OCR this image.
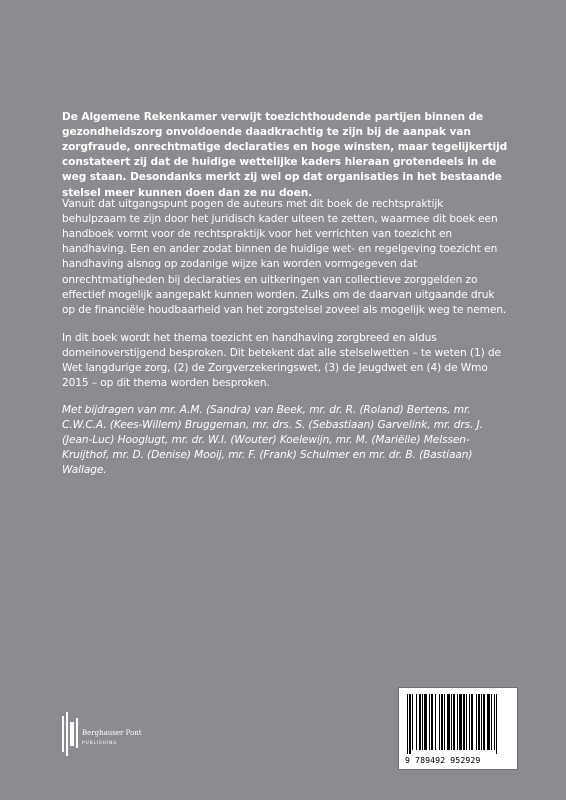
De Algemene Rekenkamer verwijt toezichthoudende partijen binnen de gezondheidszorg onvoldoende daadkrachtig te zijn bij de aanpak van zorgfraude, onrechtmatige declaraties en hoge winsten, maar tegelijkertijd constateert zij dat de huidige wettelijke kaders hieraan grotendeels in de weg staan. Desondanks merkt zij wel op dat organisaties in het bestaande stelsel meer kunnen doen dan ze nu doen.

Vanuit dat uitgangspunt pogen de auteurs met dit boek de rechtspraktijk behulpzaam te zijn door het juridisch kader uiteen te zetten, waarmee dit boek een handboek vormt voor de rechtspraktijk voor het verrichten van toezicht en handhaving. Een en ander zodat binnen de huidige wet- en regelgeving toezicht en handhaving alsnog op zodanige wijze kan worden vormgegeven dat onrechtmatigheden bij declaraties en uitkeringen van collectieve zorggelden zo effectief mogelijk aangepakt kunnen worden. Zulks om de daarvan uitgaande druk op de financiële houdbaarheid van het zorgstelsel zoveel als mogelijk weg te nemen.

In dit boek wordt het thema toezicht en handhaving zorgbreed en aldus domeinoverstijgend besproken. Dit betekent dat alle stelselwetten – te weten (1) de Wet langdurige zorg, (2) de Zorgverzekeringswet, (3) de Jeugdwet en (4) de Wmo 2015 – op dit thema worden besproken.

Met bijdragen van mr. A.M. (Sandra) van Beek, mr. dr. R. (Roland) Bertens, mr. C.W.C.A. (Kees-Willem) Bruggeman, mr. drs. S. (Sebastiaan) Garvelink, mr. drs. J. (Jean-Luc) Hooglugt, mr. dr. W.I. (Wouter) Koelewijn, mr. M. (Mariëlle) Melssen-Kruijthof, mr. D. (Denise) Mooij, mr. F. (Frank) Schulmer en mr. dr. B. (Bastiaan) Wallage.

Berghauser Pont
PUBLISHING
9 789492 952929
